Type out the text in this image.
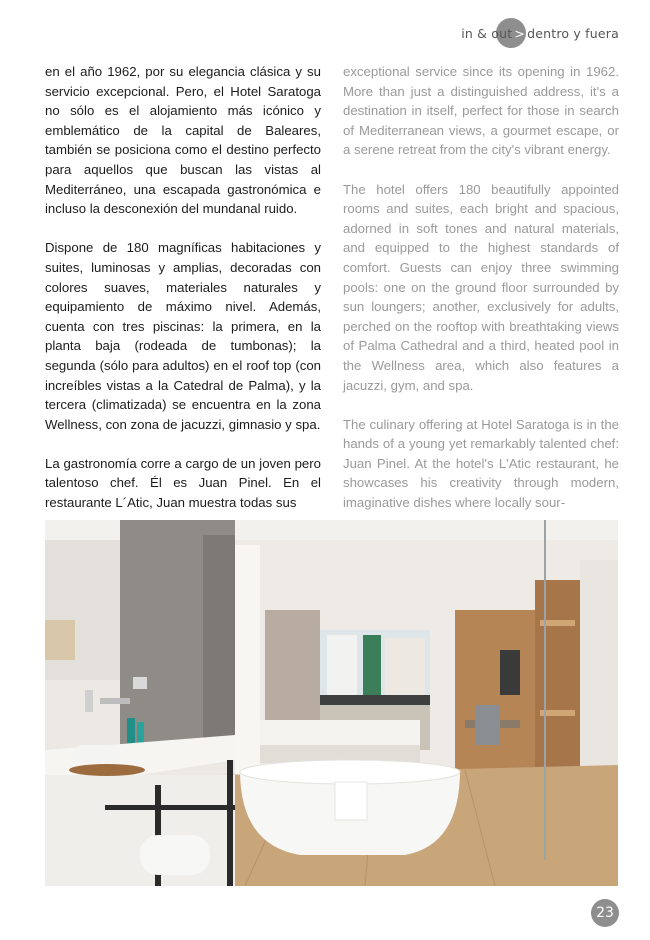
in & out > dentro y fuera

en el año 1962, por su elegancia clásica y su servicio excepcional. Pero, el Hotel Saratoga no sólo es el alojamiento más icónico y emblemático de la capital de Baleares, también se posiciona como el destino perfecto para aquellos que buscan las vistas al Mediterráneo, una escapada gastronómica e incluso la desconexión del mundanal ruido.

Dispone de 180 magníficas habitaciones y suites, luminosas y amplias, decoradas con colores suaves, materiales naturales y equipamiento de máximo nivel. Además, cuenta con tres piscinas: la primera, en la planta baja (rodeada de tumbonas); la segunda (sólo para adultos) en el roof top (con increíbles vistas a la Catedral de Palma), y la tercera (climatizada) se encuentra en la zona Wellness, con zona de jacuzzi, gimnasio y spa.

La gastronomía corre a cargo de un joven pero talentoso chef. Él es Juan Pinel. En el restaurante L´Atic, Juan muestra todas sus

exceptional service since its opening in 1962. More than just a distinguished address, it's a destination in itself, perfect for those in search of Mediterranean views, a gourmet escape, or a serene retreat from the city's vibrant energy.

The hotel offers 180 beautifully appointed rooms and suites, each bright and spacious, adorned in soft tones and natural materials, and equipped to the highest standards of comfort. Guests can enjoy three swimming pools: one on the ground floor surrounded by sun loungers; another, exclusively for adults, perched on the rooftop with breathtaking views of Palma Cathedral and a third, heated pool in the Wellness area, which also features a jacuzzi, gym, and spa.

The culinary offering at Hotel Saratoga is in the hands of a young yet remarkably talented chef: Juan Pinel. At the hotel's L'Atic restaurant, he showcases his creativity through modern, imaginative dishes where locally sour-

23
